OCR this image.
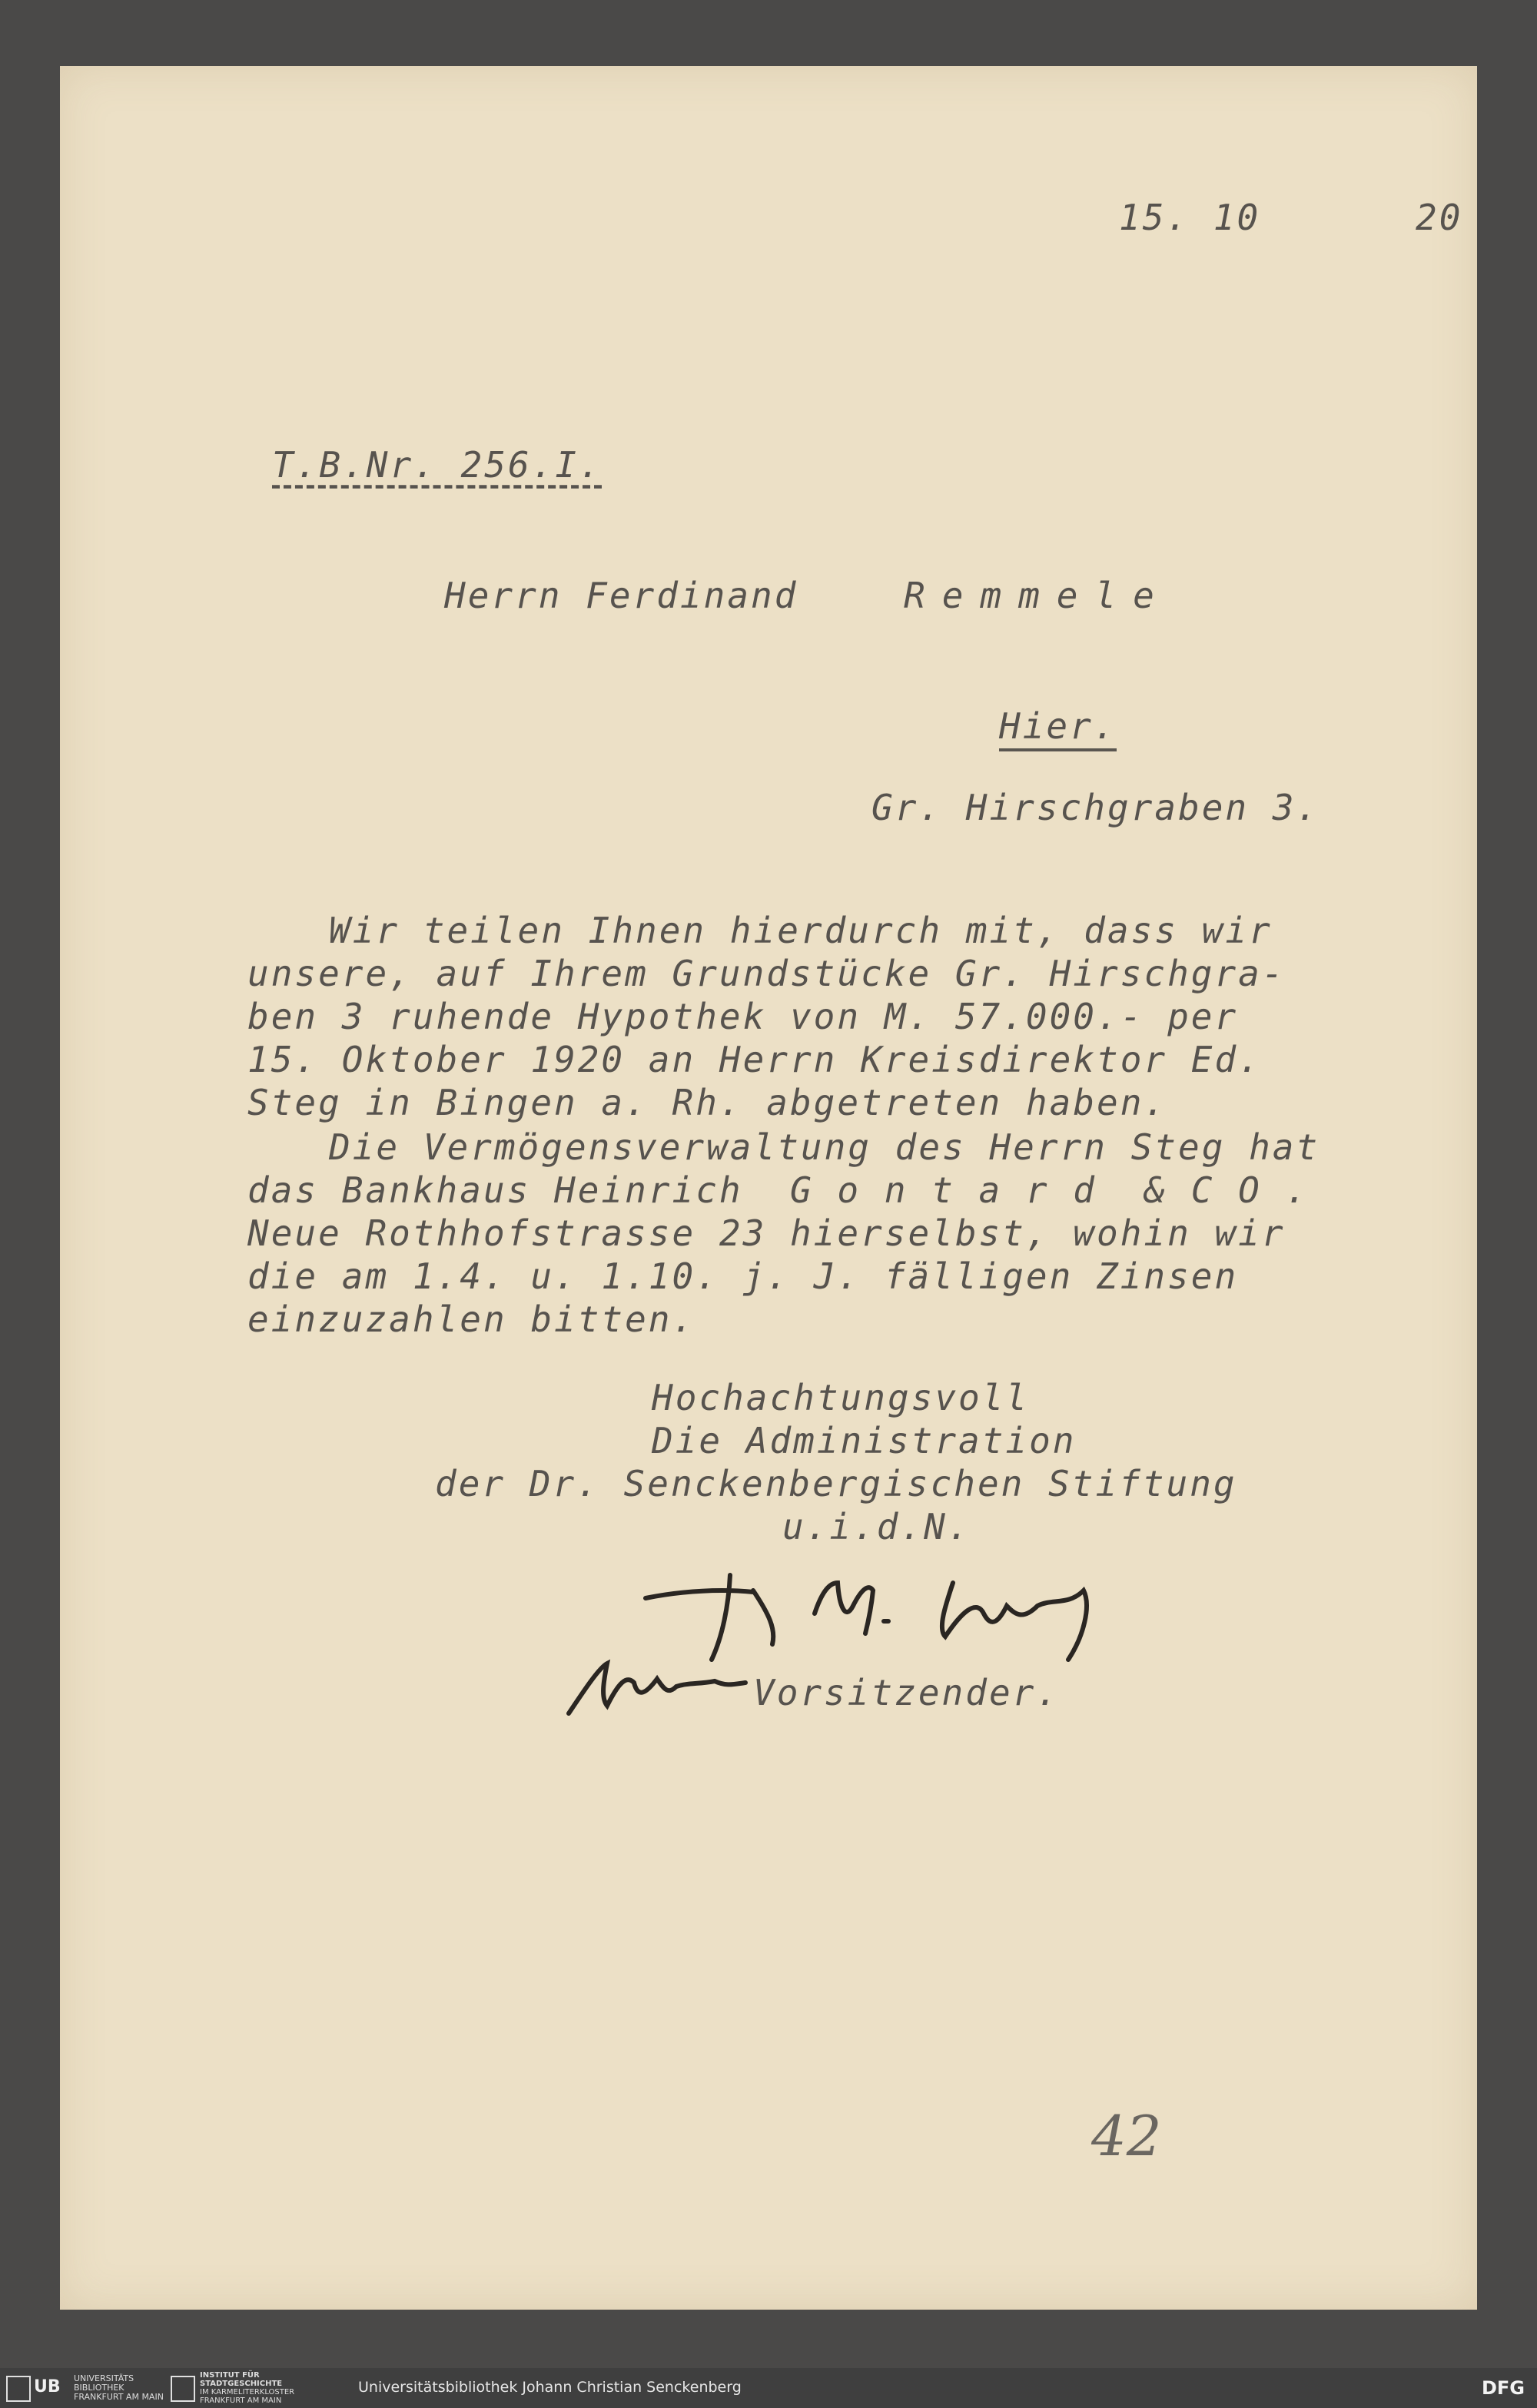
15. 10	20
T.B.Nr. 256.I.
Herrn Ferdinand	Remmele
Hier.
Gr. Hirschgraben 3.
Wir teilen Ihnen hierdurch mit, dass wir
unsere, auf Ihrem Grundstücke Gr. Hirschgra-
ben 3 ruhende Hypothek von M. 57.000.- per
15. Oktober 1920 an Herrn Kreisdirektor Ed.
Steg in Bingen a. Rh. abgetreten haben.
Die Vermögensverwaltung des Herrn Steg hat
das Bankhaus Heinrich  G o n t a r d  & C O .
Neue Rothhofstrasse 23 hierselbst, wohin wir
die am 1.4. u. 1.10. j. J. fälligen Zinsen
einzuzahlen bitten.
Hochachtungsvoll
Die Administration
der Dr. Senckenbergischen Stiftung
u.i.d.N.
Vorsitzender.
42
UB UNIVERSITÄTS
BIBLIOTHEK
FRANKFURT AM MAIN
INSTITUT FÜR
STADTGESCHICHTE
IM KARMELITERKLOSTER
FRANKFURT AM MAIN
Universitätsbibliothek Johann Christian Senckenberg	DFG
